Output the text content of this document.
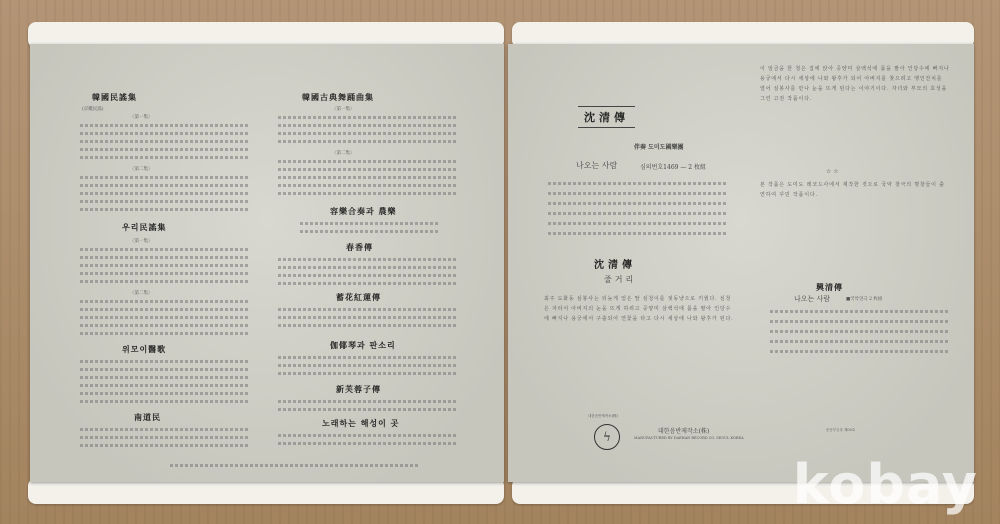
韓國民謠集
(京畿民謠)
〈第一集〉
〈第二集〉
우리民謠集
〈第一集〉
〈第二集〉
위모이醫歌
南道民
韓國古典舞踊曲集
〈第一集〉
〈第二集〉
容樂合奏과 農樂
春香傳
蓄花紅蓮傳
伽倻琴과 판소리
新芙蓉子傳
노래하는 해성이 곳
沈清傳
伴奏 도미도國樂團
나오는 사람	심의번호1469 — 2 枚組
沈清傳
줄거리
최주 도화동 심봉사는 뒤늦게 얻은 딸 심청이를 젖동냥으로 키웠다. 심청은 자라서 아버지의 눈을 뜨게 하려고 공양미 삼백석에 몸을 팔아 인당수에 빠지나 용궁에서 구출되어 연꽃을 타고 다시 세상에 나와 왕후가 된다.
ϟ
대한음반제작소(株)
대한음반제작소(株)
MANUFACTURED BY DAEHAN RECORD CO. SEOUL KOREA
이 임금을 한 청은 집에 앉아 공양미 삼백석에 몸을 팔아 인당수에 빠지나 용궁에서 다시 세상에 나와 왕후가 되어 아버지를 찾으려고 맹인잔치를 열어 심봉사를 만나 눈을 뜨게 된다는 이야기이다. 자녀와 부모의 효성을 그린 고전 작품이다.
☆ ☆
본 작품은 도미도 레코드사에서 제작한 것으로 국악 창극의 명창들이 출연하여 꾸민 작품이다.
興清傳
나오는 사람	■국악연극 2 枚組
문공부등록 제00호
kobay
